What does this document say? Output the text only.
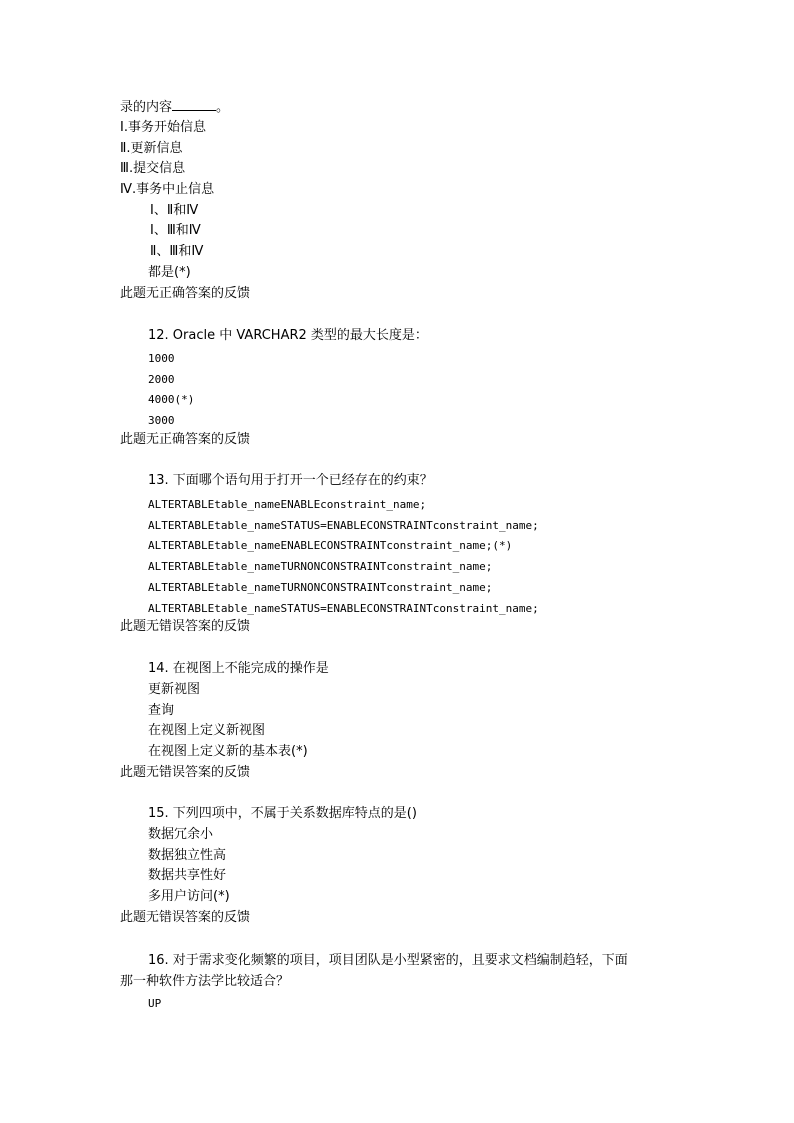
录的内容	。
Ⅰ.事务开始信息
Ⅱ.更新信息
Ⅲ.提交信息
Ⅳ.事务中止信息
Ⅰ、Ⅱ和Ⅳ
Ⅰ、Ⅲ和Ⅳ
Ⅱ、Ⅲ和Ⅳ
都是(*)
此题无正确答案的反馈
12. Oracle 中 VARCHAR2 类型的最大长度是：
1000
2000
4000(*)
3000
此题无正确答案的反馈
13. 下面哪个语句用于打开一个已经存在的约束？
ALTERTABLEtable_nameENABLEconstraint_name;
ALTERTABLEtable_nameSTATUS=ENABLECONSTRAINTconstraint_name;
ALTERTABLEtable_nameENABLECONSTRAINTconstraint_name;(*)
ALTERTABLEtable_nameTURNONCONSTRAINTconstraint_name;
ALTERTABLEtable_nameTURNONCONSTRAINTconstraint_name;
ALTERTABLEtable_nameSTATUS=ENABLECONSTRAINTconstraint_name;
此题无错误答案的反馈
14. 在视图上不能完成的操作是
更新视图
查询
在视图上定义新视图
在视图上定义新的基本表(*)
此题无错误答案的反馈
15. 下列四项中，不属于关系数据库特点的是()
数据冗余小
数据独立性高
数据共享性好
多用户访问(*)
此题无错误答案的反馈
16. 对于需求变化频繁的项目，项目团队是小型紧密的，且要求文档编制趋轻，下面
那一种软件方法学比较适合？
UP
